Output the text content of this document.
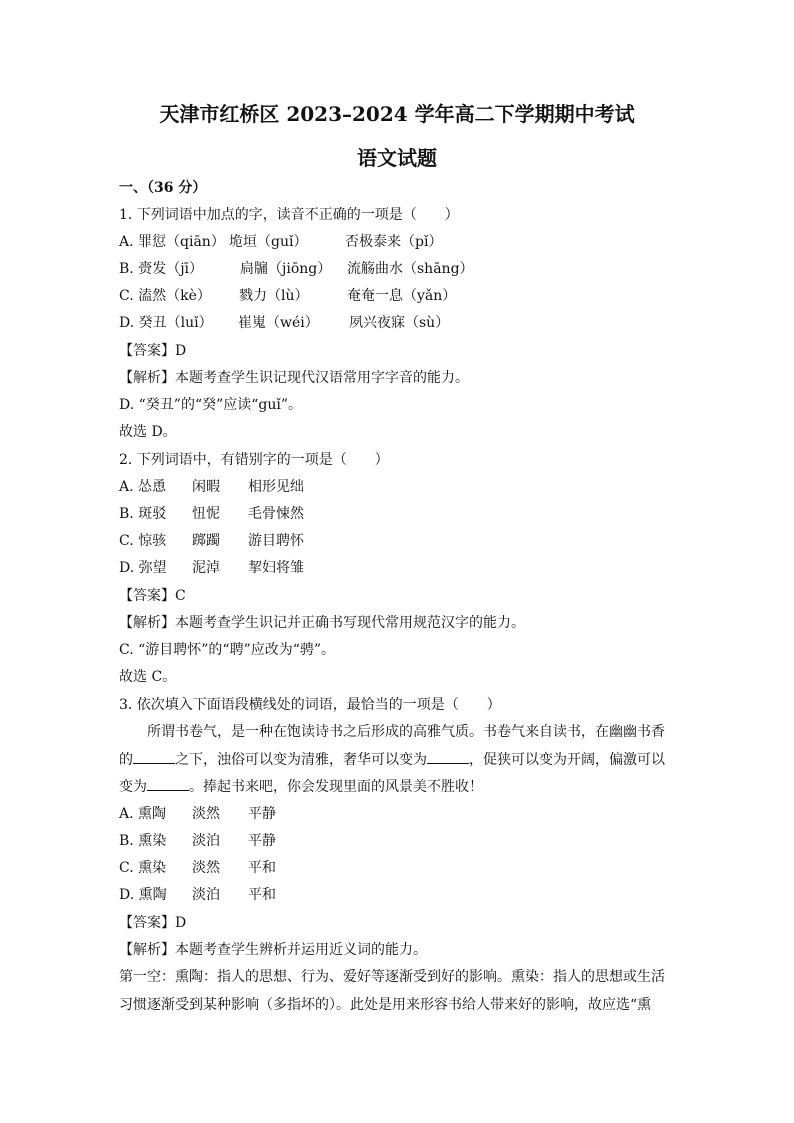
天津市红桥区 2023–2024 学年高二下学期期中考试
语文试题
一、（36 分）
1. 下列词语中加点的字，读音不正确的一项是（　　）
A. 罪愆（qiān） 垝垣（guǐ）	否极泰来（pǐ）
B. 赍发（jī）	扃牖（jiōng） 流觞曲水（shāng）
C. 溘然（kè） 戮力（lù）	奄奄一息（yǎn）
D. 癸丑（luǐ） 崔嵬（wéi） 夙兴夜寐（sù）
【答案】D
【解析】本题考查学生识记现代汉语常用字字音的能力。
D. “癸丑”的“癸”应读“guǐ”。
故选 D。
2. 下列词语中，有错别字的一项是（　　）
A. 怂恿 闲暇 相形见绌
B. 斑驳 忸怩 毛骨悚然
C. 惊骇 踯躅 游目聘怀
D. 弥望 泥淖 挈妇将雏
【答案】C
【解析】本题考查学生识记并正确书写现代常用规范汉字的能力。
C. “游目聘怀”的“聘”应改为“骋”。
故选 C。
3. 依次填入下面语段横线处的词语，最恰当的一项是（　　）
所谓书卷气，是一种在饱读诗书之后形成的高雅气质。书卷气来自读书，在幽幽书香
的	之下，浊俗可以变为清雅，奢华可以变为	，促狭可以变为开阔，偏激可以
变为	。捧起书来吧，你会发现里面的风景美不胜收！
A. 熏陶 淡然 平静
B. 熏染 淡泊 平静
C. 熏染 淡然 平和
D. 熏陶 淡泊 平和
【答案】D
【解析】本题考查学生辨析并运用近义词的能力。
第一空：熏陶：指人的思想、行为、爱好等逐渐受到好的影响。熏染：指人的思想或生活
习惯逐渐受到某种影响（多指坏的）。此处是用来形容书给人带来好的影响，故应选“熏
